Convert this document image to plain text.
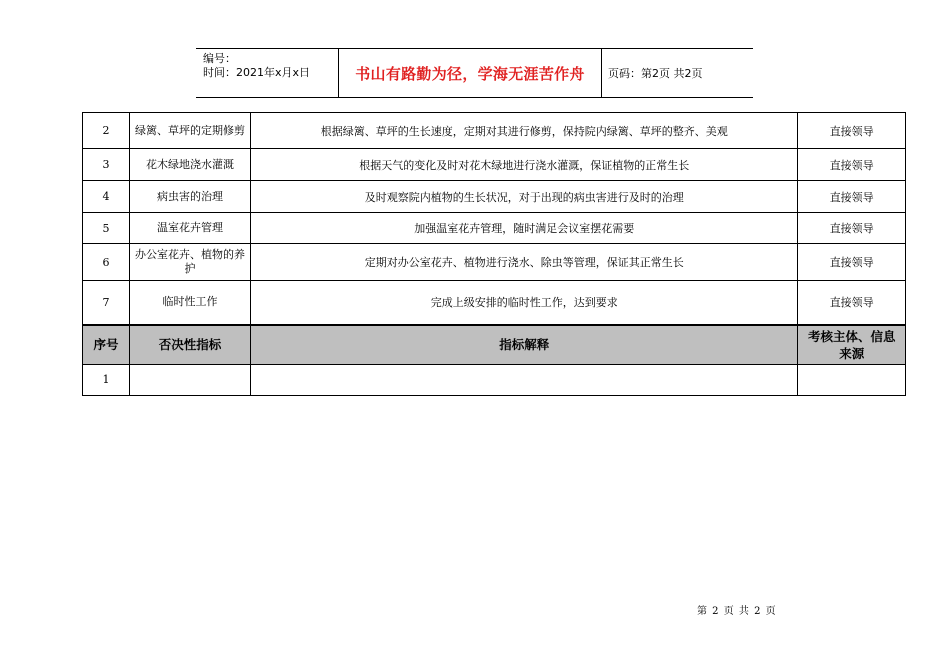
编号：
时间：2021年x月x日	书山有路勤为径，学海无涯苦作舟	页码：第2页 共2页
2	绿篱、草坪的定期修剪	根据绿篱、草坪的生长速度，定期对其进行修剪，保持院内绿篱、草坪的整齐、美观	直接领导
3	花木绿地浇水灌溉	根据天气的变化及时对花木绿地进行浇水灌溉，保证植物的正常生长	直接领导
4	病虫害的治理	及时观察院内植物的生长状况，对于出现的病虫害进行及时的治理	直接领导
5	温室花卉管理	加强温室花卉管理，随时满足会议室摆花需要	直接领导
6	办公室花卉、植物的养护	定期对办公室花卉、植物进行浇水、除虫等管理，保证其正常生长	直接领导
7	临时性工作	完成上级安排的临时性工作，达到要求	直接领导
序号	否决性指标	指标解释	考核主体、信息来源
1			
第 2 页 共 2 页
